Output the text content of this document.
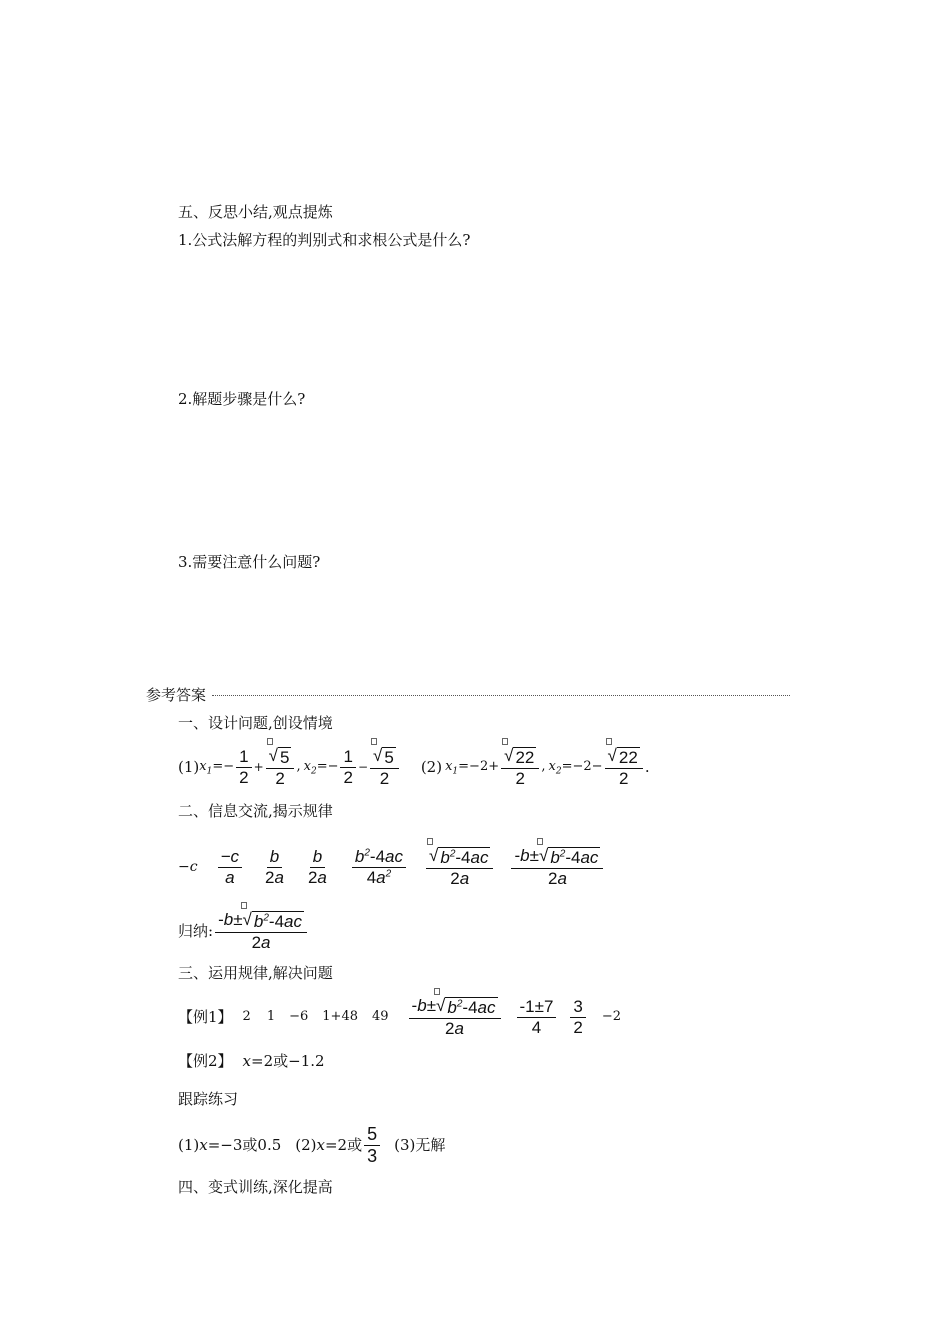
五、反思小结,观点提炼
1.公式法解方程的判别式和求根公式是什么?
2.解题步骤是什么?
3.需要注意什么问题?
参考答案
一、设计问题,创设情境
(1) $x_1 =- \frac{1}{2} + \frac{√ 5}{2}$ , $x_2 =- \frac{1}{2} - \frac{√ 5}{2} (2)$ $x_1 =-2+ \frac{√ 22}{2}$ , $x_2 =-2- \frac{√ 22}{2}$ .
二、信息交流,揭示规律
$-c \frac{-c}{a} \frac{b}{2a} \frac{b}{2a} \frac{b^2-4ac}{4a^2} \frac{√ b^2-4ac}{2a} \frac{-b\pm √ b^2-4ac}{2a}$
归纳: $\frac{-b\pm √ b^2-4ac}{2a}$
三、运用规律,解决问题
【例1】 2 1 −6 1+48 $49 \frac{-b\pm √ b^2-4ac}{2a} \frac{-1\pm 7}{4} \frac{3}{2} -2$
【例2】 x =2或−1.2
跟踪练习
(1) x =−3或0.5 (2) x =2或 $\frac{5}{3} (3)$无解
四、变式训练,深化提高
